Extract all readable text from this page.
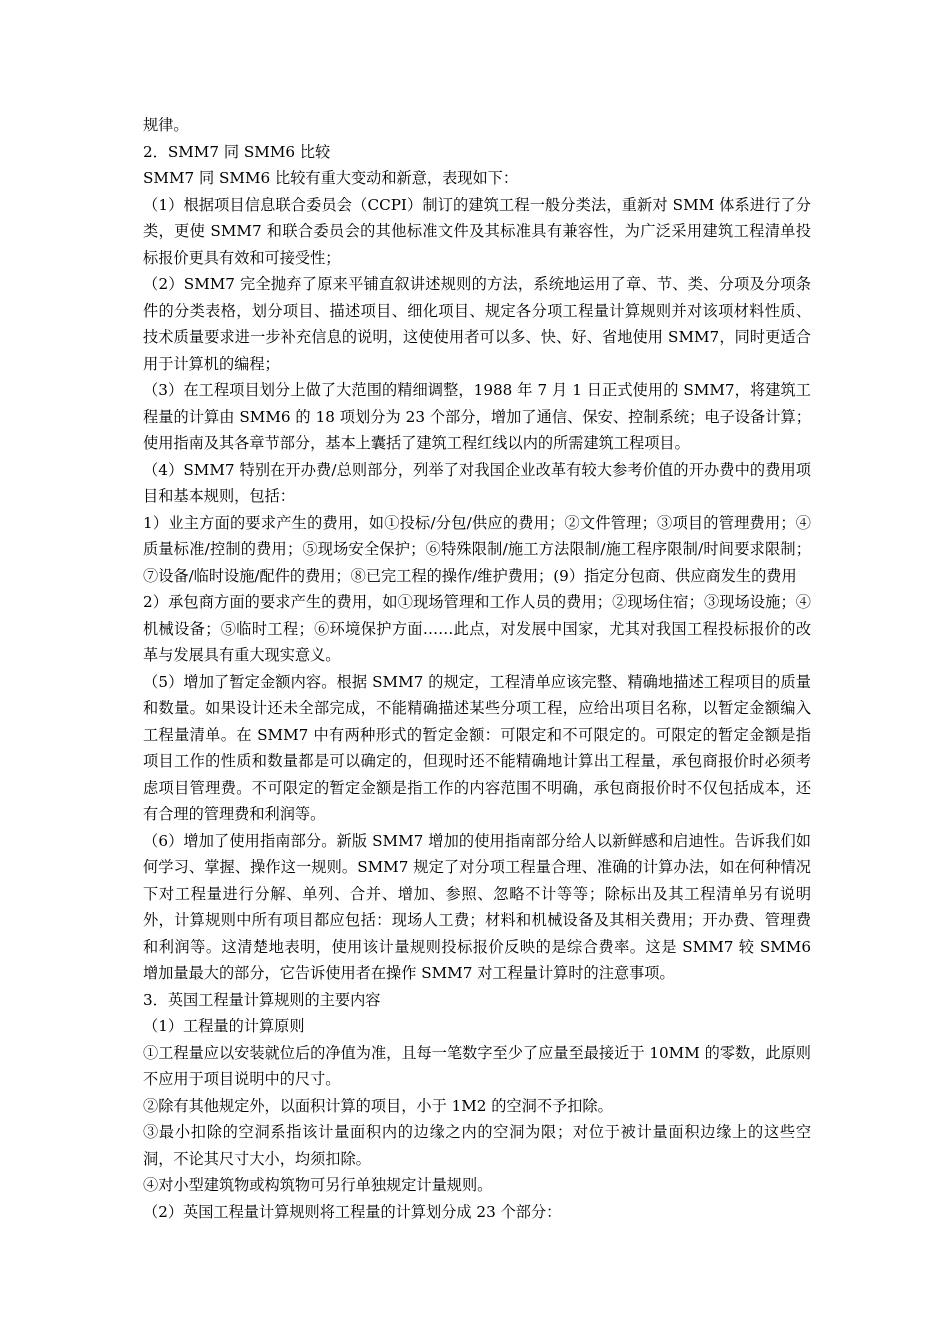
规律。

2．SMM7 同 SMM6 比较

SMM7 同 SMM6 比较有重大变动和新意，表现如下：

（1）根据项目信息联合委员会（CCPI）制订的建筑工程一般分类法，重新对 SMM 体系进行了分类，更使 SMM7 和联合委员会的其他标准文件及其标准具有兼容性，为广泛采用建筑工程清单投标报价更具有效和可接受性；

（2）SMM7 完全抛弃了原来平铺直叙讲述规则的方法，系统地运用了章、节、类、分项及分项条件的分类表格，划分项目、描述项目、细化项目、规定各分项工程量计算规则并对该项材料性质、技术质量要求进一步补充信息的说明，这使使用者可以多、快、好、省地使用 SMM7，同时更适合用于计算机的编程；

（3）在工程项目划分上做了大范围的精细调整，1988 年 7 月 1 日正式使用的 SMM7，将建筑工程量的计算由 SMM6 的 18 项划分为 23 个部分，增加了通信、保安、控制系统；电子设备计算；使用指南及其各章节部分，基本上囊括了建筑工程红线以内的所需建筑工程项目。

（4）SMM7 特别在开办费/总则部分，列举了对我国企业改革有较大参考价值的开办费中的费用项目和基本规则，包括：

1）业主方面的要求产生的费用，如①投标/分包/供应的费用；②文件管理；③项目的管理费用；④质量标准/控制的费用；⑤现场安全保护；⑥特殊限制/施工方法限制/施工程序限制/时间要求限制；⑦设备/临时设施/配件的费用；⑧已完工程的操作/维护费用；(9）指定分包商、供应商发生的费用

2）承包商方面的要求产生的费用，如①现场管理和工作人员的费用；②现场住宿；③现场设施；④机械设备；⑤临时工程；⑥环境保护方面……此点，对发展中国家，尤其对我国工程投标报价的改革与发展具有重大现实意义。

（5）增加了暂定金额内容。根据 SMM7 的规定，工程清单应该完整、精确地描述工程项目的质量和数量。如果设计还未全部完成，不能精确描述某些分项工程，应给出项目名称，以暂定金额编入工程量清单。在 SMM7 中有两种形式的暂定金额：可限定和不可限定的。可限定的暂定金额是指项目工作的性质和数量都是可以确定的，但现时还不能精确地计算出工程量，承包商报价时必须考虑项目管理费。不可限定的暂定金额是指工作的内容范围不明确，承包商报价时不仅包括成本，还有合理的管理费和利润等。

（6）增加了使用指南部分。新版 SMM7 增加的使用指南部分给人以新鲜感和启迪性。告诉我们如何学习、掌握、操作这一规则。SMM7 规定了对分项工程量合理、准确的计算办法，如在何种情况下对工程量进行分解、单列、合并、增加、参照、忽略不计等等；除标出及其工程清单另有说明外，计算规则中所有项目都应包括：现场人工费；材料和机械设备及其相关费用；开办费、管理费和利润等。这清楚地表明，使用该计量规则投标报价反映的是综合费率。这是 SMM7 较 SMM6 增加量最大的部分，它告诉使用者在操作 SMM7 对工程量计算时的注意事项。

3．英国工程量计算规则的主要内容

（1）工程量的计算原则

①工程量应以安装就位后的净值为准，且每一笔数字至少了应量至最接近于 10MM 的零数，此原则不应用于项目说明中的尺寸。

②除有其他规定外，以面积计算的项目，小于 1M2 的空洞不予扣除。

③最小扣除的空洞系指该计量面积内的边缘之内的空洞为限；对位于被计量面积边缘上的这些空洞，不论其尺寸大小，均须扣除。

④对小型建筑物或构筑物可另行单独规定计量规则。

（2）英国工程量计算规则将工程量的计算划分成 23 个部分：
